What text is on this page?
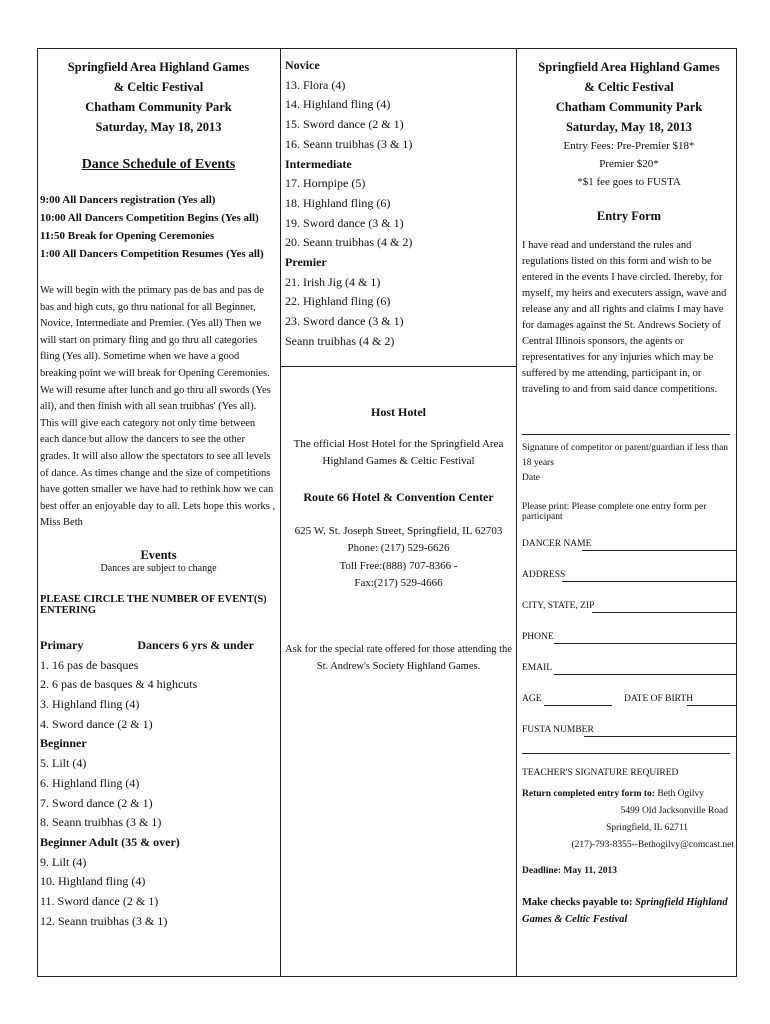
Springfield Area Highland Games
& Celtic Festival
Chatham Community Park
Saturday, May 18, 2013
Dance Schedule of Events
9:00 All Dancers registration (Yes all)
10:00 All Dancers Competition Begins (Yes all)
11:50 Break for Opening Ceremonies
1:00 All Dancers Competition Resumes (Yes all)
We will begin with the primary pas de bas and pas de bas and high cuts, go thru national for all Beginner, Novice, Intermediate and Premier. (Yes all) Then we will start on primary fling and go thru all categories fling (Yes all). Sometime when we have a good breaking point we will break for Opening Ceremonies. We will resume after lunch and go thru all swords (Yes all), and then finish with all sean truibhas' (Yes all). This will give each category not only time between each dance but allow the dancers to see the other grades. It will also allow the spectators to see all levels of dance. As times change and the size of competitions have gotten smaller we have had to rethink how we can best offer an enjoyable day to all. Lets hope this works , Miss Beth
Events
Dances are subject to change
PLEASE CIRCLE THE NUMBER OF EVENT(S) ENTERING
Primary	Dancers 6 yrs & under
1. 16 pas de basques
2. 6 pas de basques & 4 highcuts
3. Highland fling (4)
4. Sword dance (2 & 1)
Beginner
5. Lilt (4)
6. Highland fling (4)
7. Sword dance (2 & 1)
8. Seann truibhas (3 & 1)
Beginner Adult (35 & over)
9. Lilt (4)
10. Highland fling (4)
11. Sword dance (2 & 1)
12. Seann truibhas (3 & 1)
Novice
13. Flora (4)
14. Highland fling (4)
15. Sword dance (2 & 1)
16. Seann truibhas (3 & 1)
Intermediate
17. Hornpipe (5)
18. Highland fling (6)
19. Sword dance (3 & 1)
20. Seann truibhas (4 & 2)
Premier
21. Irish Jig (4 & 1)
22. Highland fling (6)
23. Sword dance (3 & 1)
Seann truibhas (4 & 2)
Host Hotel
The official Host Hotel for the Springfield Area Highland Games & Celtic Festival
Route 66 Hotel & Convention Center
625 W. St. Joseph Street, Springfield, IL 62703
Phone: (217) 529-6626
Toll Free:(888) 707-8366 -
Fax:(217) 529-4666
Ask for the special rate offered for those attending the St. Andrew's Society Highland Games.
Springfield Area Highland Games
& Celtic Festival
Chatham Community Park
Saturday, May 18, 2013
Entry Fees: Pre-Premier $18*
Premier $20*
*$1 fee goes to FUSTA
Entry Form
I have read and understand the rules and regulations listed on this form and wish to be entered in the events I have circled. Ihereby, for myself, my heirs and executers assign, wave and release any and all rights and claims I may have for damages against the St. Andrews Society of Central Illinois sponsors, the agents or representatives for any injuries which may be suffered by me attending, participant in, or traveling to and from said dance competitions.
Signature of competitor or parent/guardian if less than 18 years
Date
Please print: Please complete one entry form per participant
DANCER NAME
ADDRESS
CITY, STATE, ZIP
PHONE
EMAIL
AGE	DATE OF BIRTH
FUSTA NUMBER
TEACHER'S SIGNATURE REQUIRED
Return completed entry form to: Beth Ogilvy
5499 Old Jacksonville Road
Springfield, IL 62711
(217)-793-8355--Bethogilvy@comcast.net
Deadline: May 11, 2013
Make checks payable to: Springfield Highland Games & Celtic Festival
